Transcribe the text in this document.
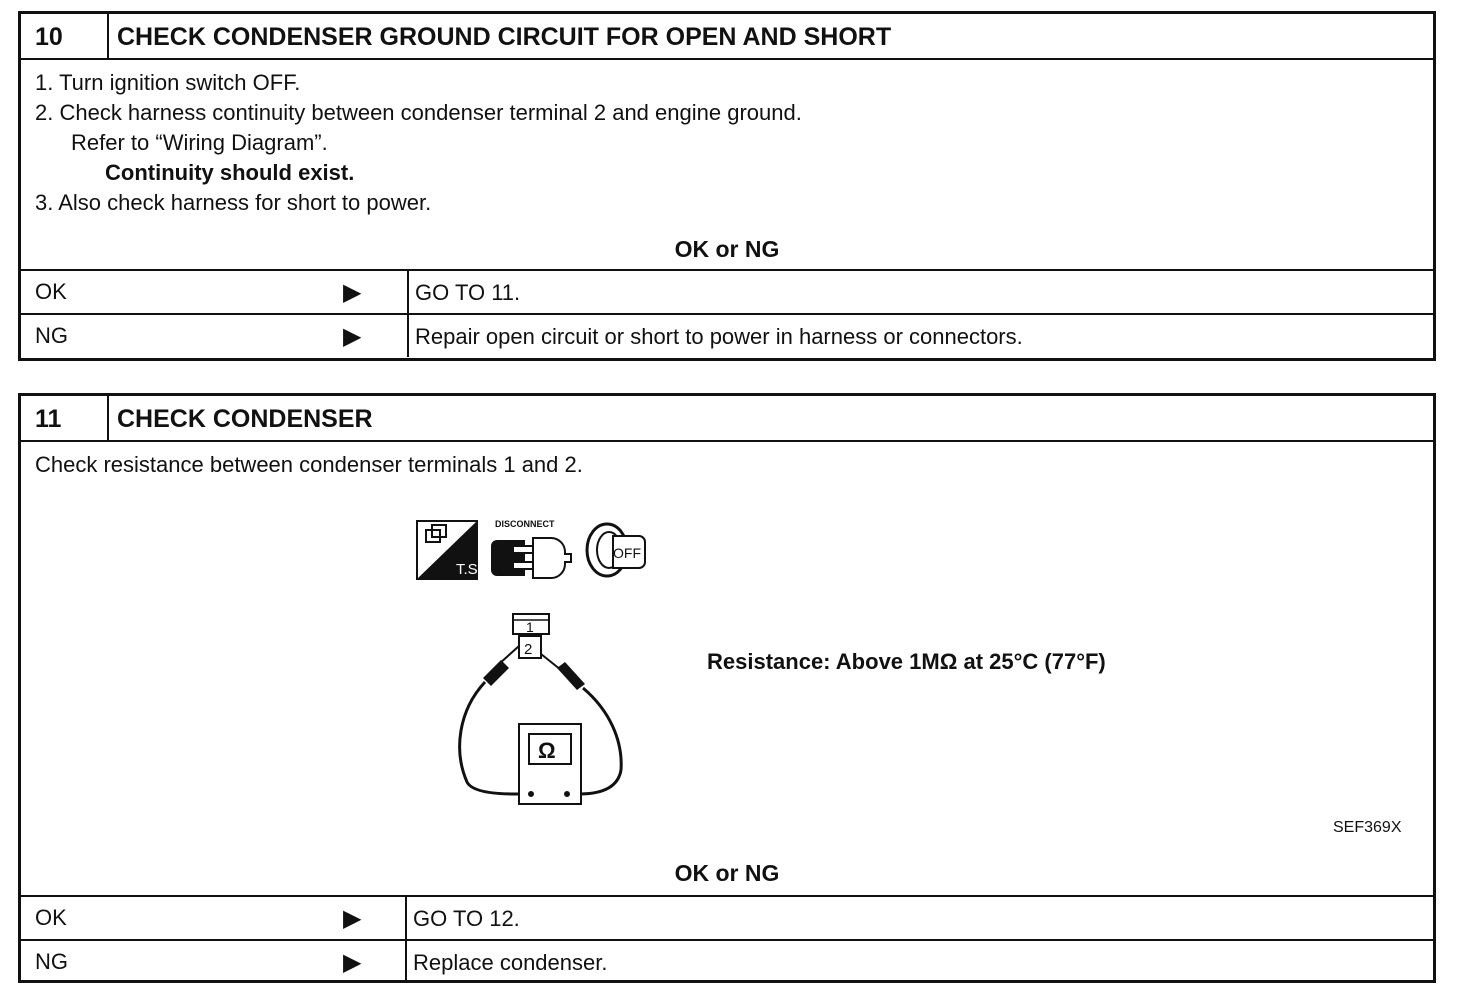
10	CHECK CONDENSER GROUND CIRCUIT FOR OPEN AND SHORT
1. Turn ignition switch OFF.
2. Check harness continuity between condenser terminal 2 and engine ground.
Refer to “Wiring Diagram”.
Continuity should exist.
3. Also check harness for short to power.
OK or NG
OK	▶	GO TO 11.
NG	▶	Repair open circuit or short to power in harness or connectors.
11	CHECK CONDENSER
Check resistance between condenser terminals 1 and 2.
T.S.
DISCONNECT
OFF
1
2
Ω
Resistance: Above 1MΩ at 25°C (77°F)
SEF369X
OK or NG
OK	▶	GO TO 12.
NG	▶	Replace condenser.
